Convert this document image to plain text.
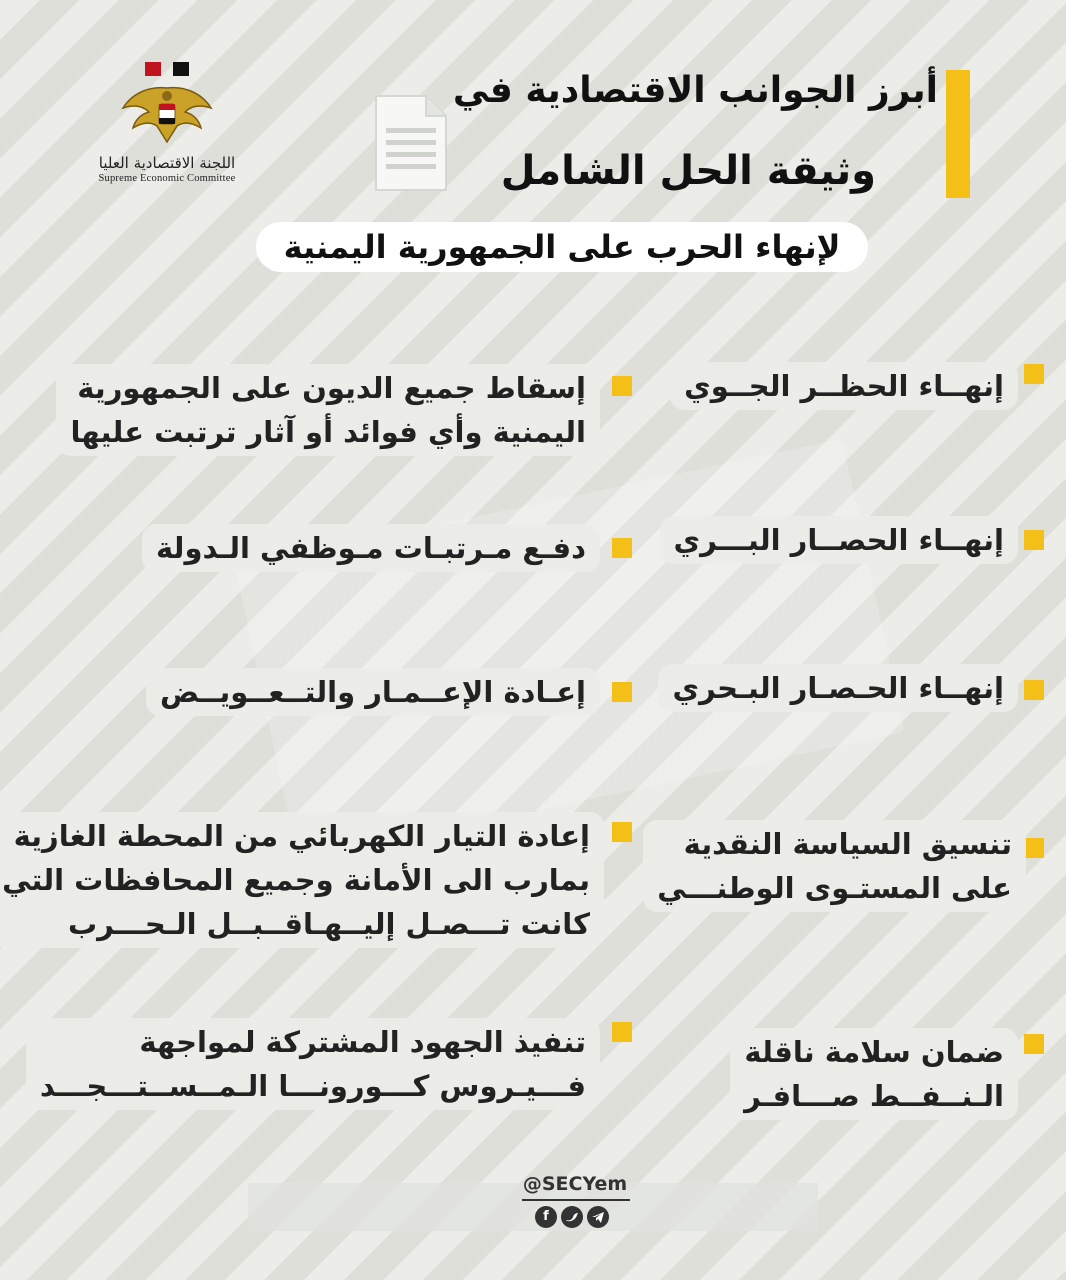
اللجنة الاقتصادية العليا
Supreme Economic Committee
أبرز الجوانب الاقتصادية في
وثيقة الحل الشامل
لإنهاء الحرب على الجمهورية اليمنية
إنهــاء الحظــر الجــوي
إنهــاء الحصــار البـــري
إنهــاء الحـصـار البـحري
تنسيق السياسة النقدية
على المستـوى الوطنـــي
ضمان سلامة ناقلة
الـنــفــط صـــافـر
إسقاط جميع الديون على الجمهورية
اليمنية وأي فوائد أو آثار ترتبت عليها
دفـع مـرتبـات مـوظفي الـدولة
إعـادة الإعــمـار والتــعــويــض
إعادة التيار الكهربائي من المحطة الغازية
بمارب الى الأمانة وجميع المحافظات التي
كانت تـــصـل إليــهـاقــبــل الـحـــرب
تنفيذ الجهود المشتركة لمواجهة
فـــيـروس كـــورونـــا الـمــســتـــجـــد
@SECYem
f
